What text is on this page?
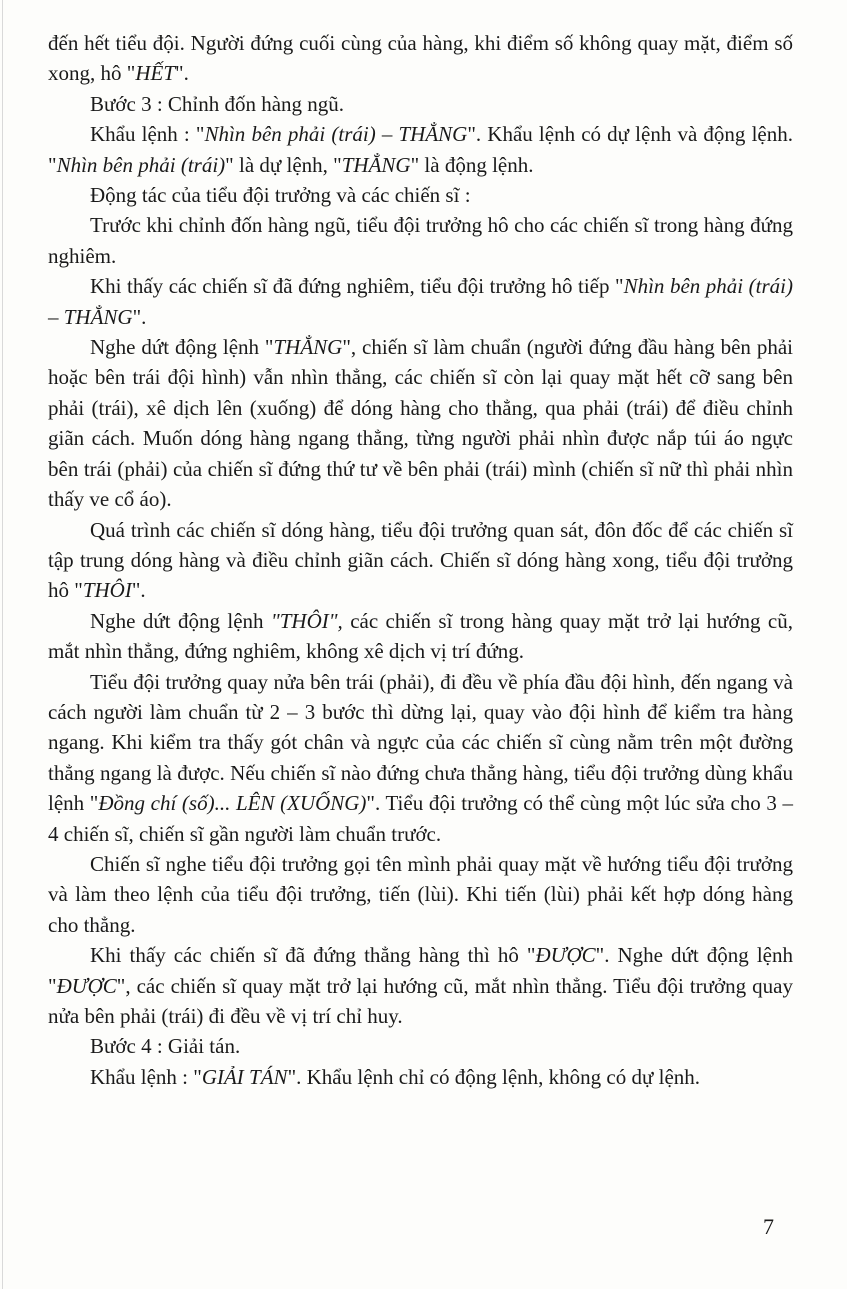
đến hết tiểu đội. Người đứng cuối cùng của hàng, khi điểm số không quay mặt, điểm số xong, hô "HẾT".

Bước 3 : Chỉnh đốn hàng ngũ.

Khẩu lệnh : "Nhìn bên phải (trái) – THẲNG". Khẩu lệnh có dự lệnh và động lệnh. "Nhìn bên phải (trái)" là dự lệnh, "THẲNG" là động lệnh.

Động tác của tiểu đội trưởng và các chiến sĩ :

Trước khi chỉnh đốn hàng ngũ, tiểu đội trưởng hô cho các chiến sĩ trong hàng đứng nghiêm.

Khi thấy các chiến sĩ đã đứng nghiêm, tiểu đội trưởng hô tiếp "Nhìn bên phải (trái) – THẲNG".

Nghe dứt động lệnh "THẲNG", chiến sĩ làm chuẩn (người đứng đầu hàng bên phải hoặc bên trái đội hình) vẫn nhìn thẳng, các chiến sĩ còn lại quay mặt hết cỡ sang bên phải (trái), xê dịch lên (xuống) để dóng hàng cho thẳng, qua phải (trái) để điều chỉnh giãn cách. Muốn dóng hàng ngang thẳng, từng người phải nhìn được nắp túi áo ngực bên trái (phải) của chiến sĩ đứng thứ tư về bên phải (trái) mình (chiến sĩ nữ thì phải nhìn thấy ve cổ áo).

Quá trình các chiến sĩ dóng hàng, tiểu đội trưởng quan sát, đôn đốc để các chiến sĩ tập trung dóng hàng và điều chỉnh giãn cách. Chiến sĩ dóng hàng xong, tiểu đội trưởng hô "THÔI".

Nghe dứt động lệnh "THÔI", các chiến sĩ trong hàng quay mặt trở lại hướng cũ, mắt nhìn thẳng, đứng nghiêm, không xê dịch vị trí đứng.

Tiểu đội trưởng quay nửa bên trái (phải), đi đều về phía đầu đội hình, đến ngang và cách người làm chuẩn từ 2 – 3 bước thì dừng lại, quay vào đội hình để kiểm tra hàng ngang. Khi kiểm tra thấy gót chân và ngực của các chiến sĩ cùng nằm trên một đường thẳng ngang là được. Nếu chiến sĩ nào đứng chưa thẳng hàng, tiểu đội trưởng dùng khẩu lệnh "Đồng chí (số)... LÊN (XUỐNG)". Tiểu đội trưởng có thể cùng một lúc sửa cho 3 – 4 chiến sĩ, chiến sĩ gần người làm chuẩn trước.

Chiến sĩ nghe tiểu đội trưởng gọi tên mình phải quay mặt về hướng tiểu đội trưởng và làm theo lệnh của tiểu đội trưởng, tiến (lùi). Khi tiến (lùi) phải kết hợp dóng hàng cho thẳng.

Khi thấy các chiến sĩ đã đứng thẳng hàng thì hô "ĐƯỢC". Nghe dứt động lệnh "ĐƯỢC", các chiến sĩ quay mặt trở lại hướng cũ, mắt nhìn thẳng. Tiểu đội trưởng quay nửa bên phải (trái) đi đều về vị trí chỉ huy.

Bước 4 : Giải tán.

Khẩu lệnh : "GIẢI TÁN". Khẩu lệnh chỉ có động lệnh, không có dự lệnh.

7
